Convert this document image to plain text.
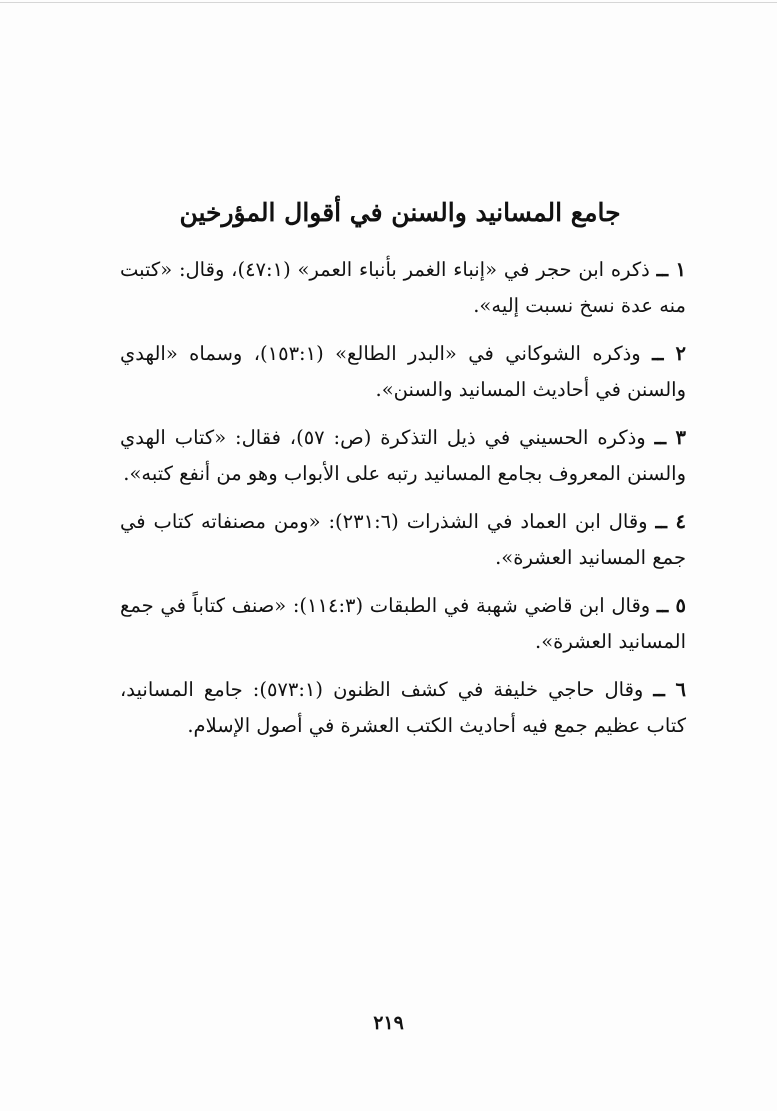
جامع المسانيد والسنن في أقوال المؤرخين

١ ــ ذكره ابن حجر في «إنباء الغمر بأنباء العمر» (٤٧:١)، وقال: «كتبت منه عدة نسخ نسبت إليه».

٢ ــ وذكره الشوكاني في «البدر الطالع» (١٥٣:١)، وسماه «الهدي والسنن في أحاديث المسانيد والسنن».

٣ ــ وذكره الحسيني في ذيل التذكرة (ص: ٥٧)، فقال: «كتاب الهدي والسنن المعروف بجامع المسانيد رتبه على الأبواب وهو من أنفع كتبه».

٤ ــ وقال ابن العماد في الشذرات (٢٣١:٦): «ومن مصنفاته كتاب في جمع المسانيد العشرة».

٥ ــ وقال ابن قاضي شهبة في الطبقات (١١٤:٣): «صنف كتاباً في جمع المسانيد العشرة».

٦ ــ وقال حاجي خليفة في كشف الظنون (٥٧٣:١): جامع المسانيد، كتاب عظيم جمع فيه أحاديث الكتب العشرة في أصول الإسلام.

٢١٩
